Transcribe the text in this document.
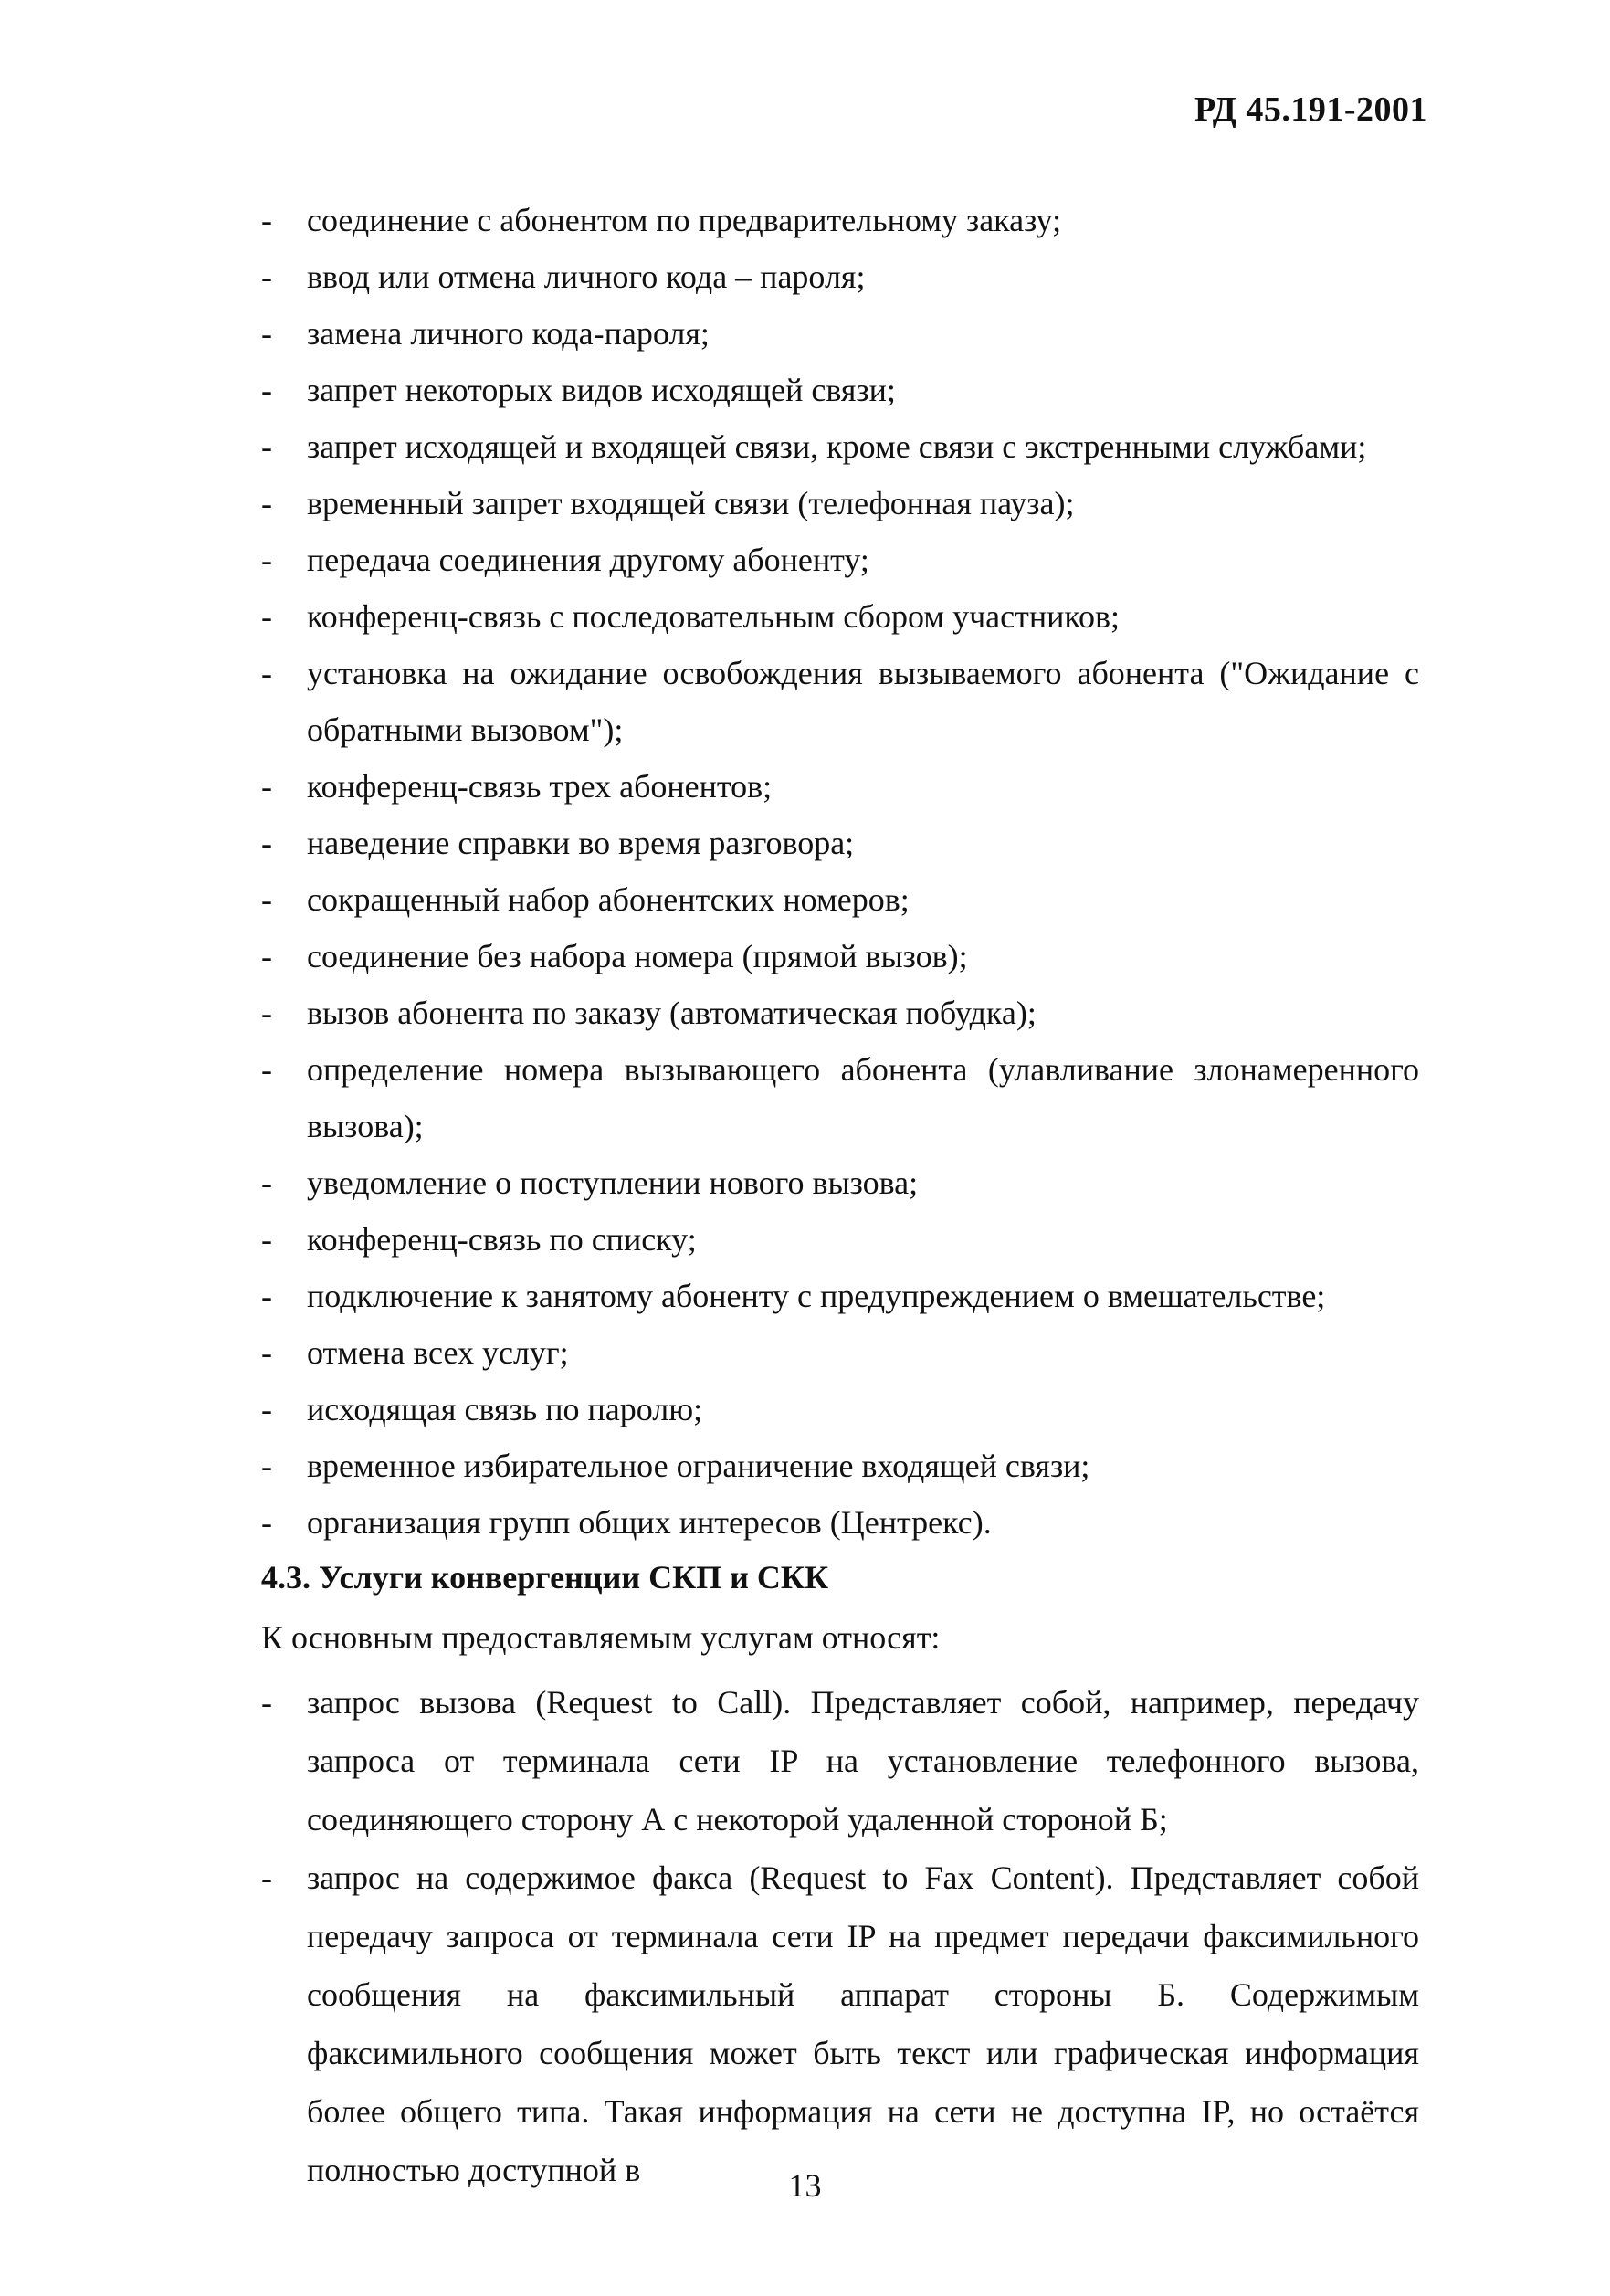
РД 45.191-2001
- соединение с абонентом по предварительному заказу;
- ввод или отмена личного кода – пароля;
- замена личного кода-пароля;
- запрет некоторых видов исходящей связи;
- запрет исходящей и входящей связи, кроме связи с экстренными службами;
- временный запрет входящей связи (телефонная пауза);
- передача соединения другому абоненту;
- конференц-связь с последовательным сбором участников;
- установка на ожидание освобождения вызываемого абонента ("Ожидание с обратными вызовом");
- конференц-связь трех абонентов;
- наведение справки во время разговора;
- сокращенный набор абонентских номеров;
- соединение без набора номера (прямой вызов);
- вызов абонента по заказу (автоматическая побудка);
- определение номера вызывающего абонента (улавливание злонамеренного вызова);
- уведомление о поступлении нового вызова;
- конференц-связь по списку;
- подключение к занятому абоненту с предупреждением о вмешательстве;
- отмена всех услуг;
- исходящая связь по паролю;
- временное избирательное ограничение входящей связи;
- организация групп общих интересов (Центрекс).
4.3. Услуги конвергенции СКП и СКК

К основным предоставляемым услугам относят:

- запрос вызова (Request to Call). Представляет собой, например, передачу запроса от терминала сети IP на установление телефонного вызова, соединяющего сторону А с некоторой удаленной стороной Б;
- запрос на содержимое факса (Request to Fax Content). Представляет собой передачу запроса от терминала сети IP на предмет передачи факсимильного сообщения на факсимильный аппарат стороны Б. Содержимым факсимильного сообщения может быть текст или графическая информация более общего типа. Такая информация на сети не доступна IP, но остаётся полностью доступной в	13
